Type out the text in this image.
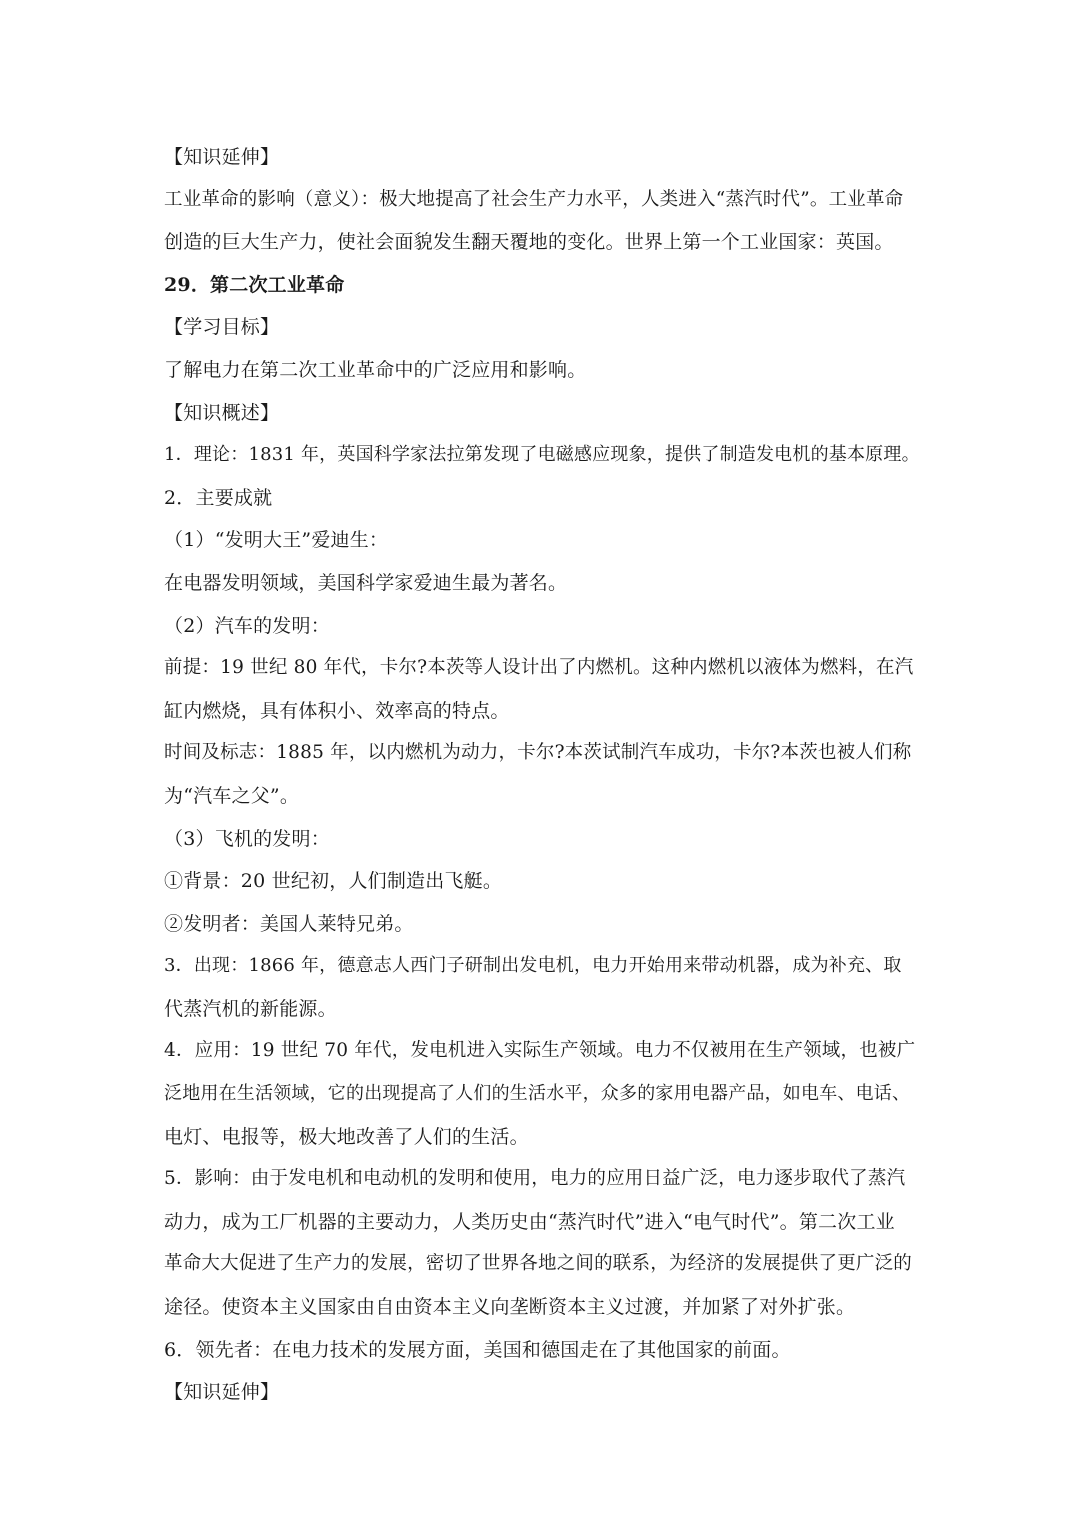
【知识延伸】
工业革命的影响（意义）：极大地提高了社会生产力水平，人类进入“蒸汽时代”。工业革命
创造的巨大生产力，使社会面貌发生翻天覆地的变化。世界上第一个工业国家：英国。
29．第二次工业革命
【学习目标】
了解电力在第二次工业革命中的广泛应用和影响。
【知识概述】
1．理论：1831 年，英国科学家法拉第发现了电磁感应现象，提供了制造发电机的基本原理。
2．主要成就
（1）“发明大王”爱迪生：
在电器发明领域，美国科学家爱迪生最为著名。
（2）汽车的发明：
前提：19 世纪 80 年代，卡尔?本茨等人设计出了内燃机。这种内燃机以液体为燃料，在汽
缸内燃烧，具有体积小、效率高的特点。
时间及标志：1885 年，以内燃机为动力，卡尔?本茨试制汽车成功，卡尔?本茨也被人们称
为“汽车之父”。
（3）飞机的发明：
①背景：20 世纪初，人们制造出飞艇。
②发明者：美国人莱特兄弟。
3．出现：1866 年，德意志人西门子研制出发电机，电力开始用来带动机器，成为补充、取
代蒸汽机的新能源。
4．应用：19 世纪 70 年代，发电机进入实际生产领域。电力不仅被用在生产领域，也被广
泛地用在生活领域，它的出现提高了人们的生活水平，众多的家用电器产品，如电车、电话、
电灯、电报等，极大地改善了人们的生活。
5．影响：由于发电机和电动机的发明和使用，电力的应用日益广泛，电力逐步取代了蒸汽
动力，成为工厂机器的主要动力，人类历史由“蒸汽时代”进入“电气时代”。第二次工业
革命大大促进了生产力的发展，密切了世界各地之间的联系，为经济的发展提供了更广泛的
途径。使资本主义国家由自由资本主义向垄断资本主义过渡，并加紧了对外扩张。
6．领先者：在电力技术的发展方面，美国和德国走在了其他国家的前面。
【知识延伸】
